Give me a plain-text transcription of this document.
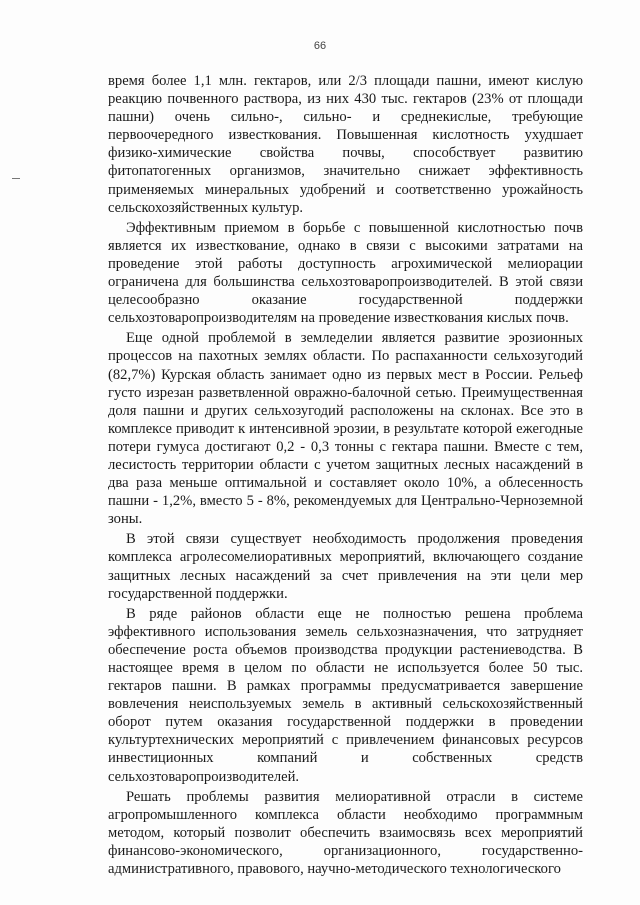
66

время более 1,1 млн. гектаров, или 2/3 площади пашни, имеют кислую реакцию почвенного раствора, из них 430 тыс. гектаров (23% от площади пашни) очень сильно-, сильно- и среднекислые, требующие первоочередного известкования. Повышенная кислотность ухудшает физико-химические свойства почвы, способствует развитию фитопатогенных организмов, значительно снижает эффективность применяемых минеральных удобрений и соответственно урожайность сельскохозяйственных культур.

Эффективным приемом в борьбе с повышенной кислотностью почв является их известкование, однако в связи с высокими затратами на проведение этой работы доступность агрохимической мелиорации ограничена для большинства сельхозтоваропроизводителей. В этой связи целесообразно оказание государственной поддержки сельхозтоваропроизводителям на проведение известкования кислых почв.

Еще одной проблемой в земледелии является развитие эрозионных процессов на пахотных землях области. По распаханности сельхозугодий (82,7%) Курская область занимает одно из первых мест в России. Рельеф густо изрезан разветвленной овражно-балочной сетью. Преимущественная доля пашни и других сельхозугодий расположены на склонах. Все это в комплексе приводит к интенсивной эрозии, в результате которой ежегодные потери гумуса достигают 0,2 - 0,3 тонны с гектара пашни. Вместе с тем, лесистость территории области с учетом защитных лесных насаждений в два раза меньше оптимальной и составляет около 10%, а облесенность пашни - 1,2%, вместо 5 - 8%, рекомендуемых для Центрально-Черноземной зоны.

В этой связи существует необходимость продолжения проведения комплекса агролесомелиоративных мероприятий, включающего создание защитных лесных насаждений за счет привлечения на эти цели мер государственной поддержки.

В ряде районов области еще не полностью решена проблема эффективного использования земель сельхозназначения, что затрудняет обеспечение роста объемов производства продукции растениеводства. В настоящее время в целом по области не используется более 50 тыс. гектаров пашни. В рамках программы предусматривается завершение вовлечения неиспользуемых земель в активный сельскохозяйственный оборот путем оказания государственной поддержки в проведении культуртехнических мероприятий с привлечением финансовых ресурсов инвестиционных компаний и собственных средств сельхозтоваропроизводителей.

Решать проблемы развития мелиоративной отрасли в системе агропромышленного комплекса области необходимо программным методом, который позволит обеспечить взаимосвязь всех мероприятий финансово-экономического, организационного, государственно-административного, правового, научно-методического технологического
